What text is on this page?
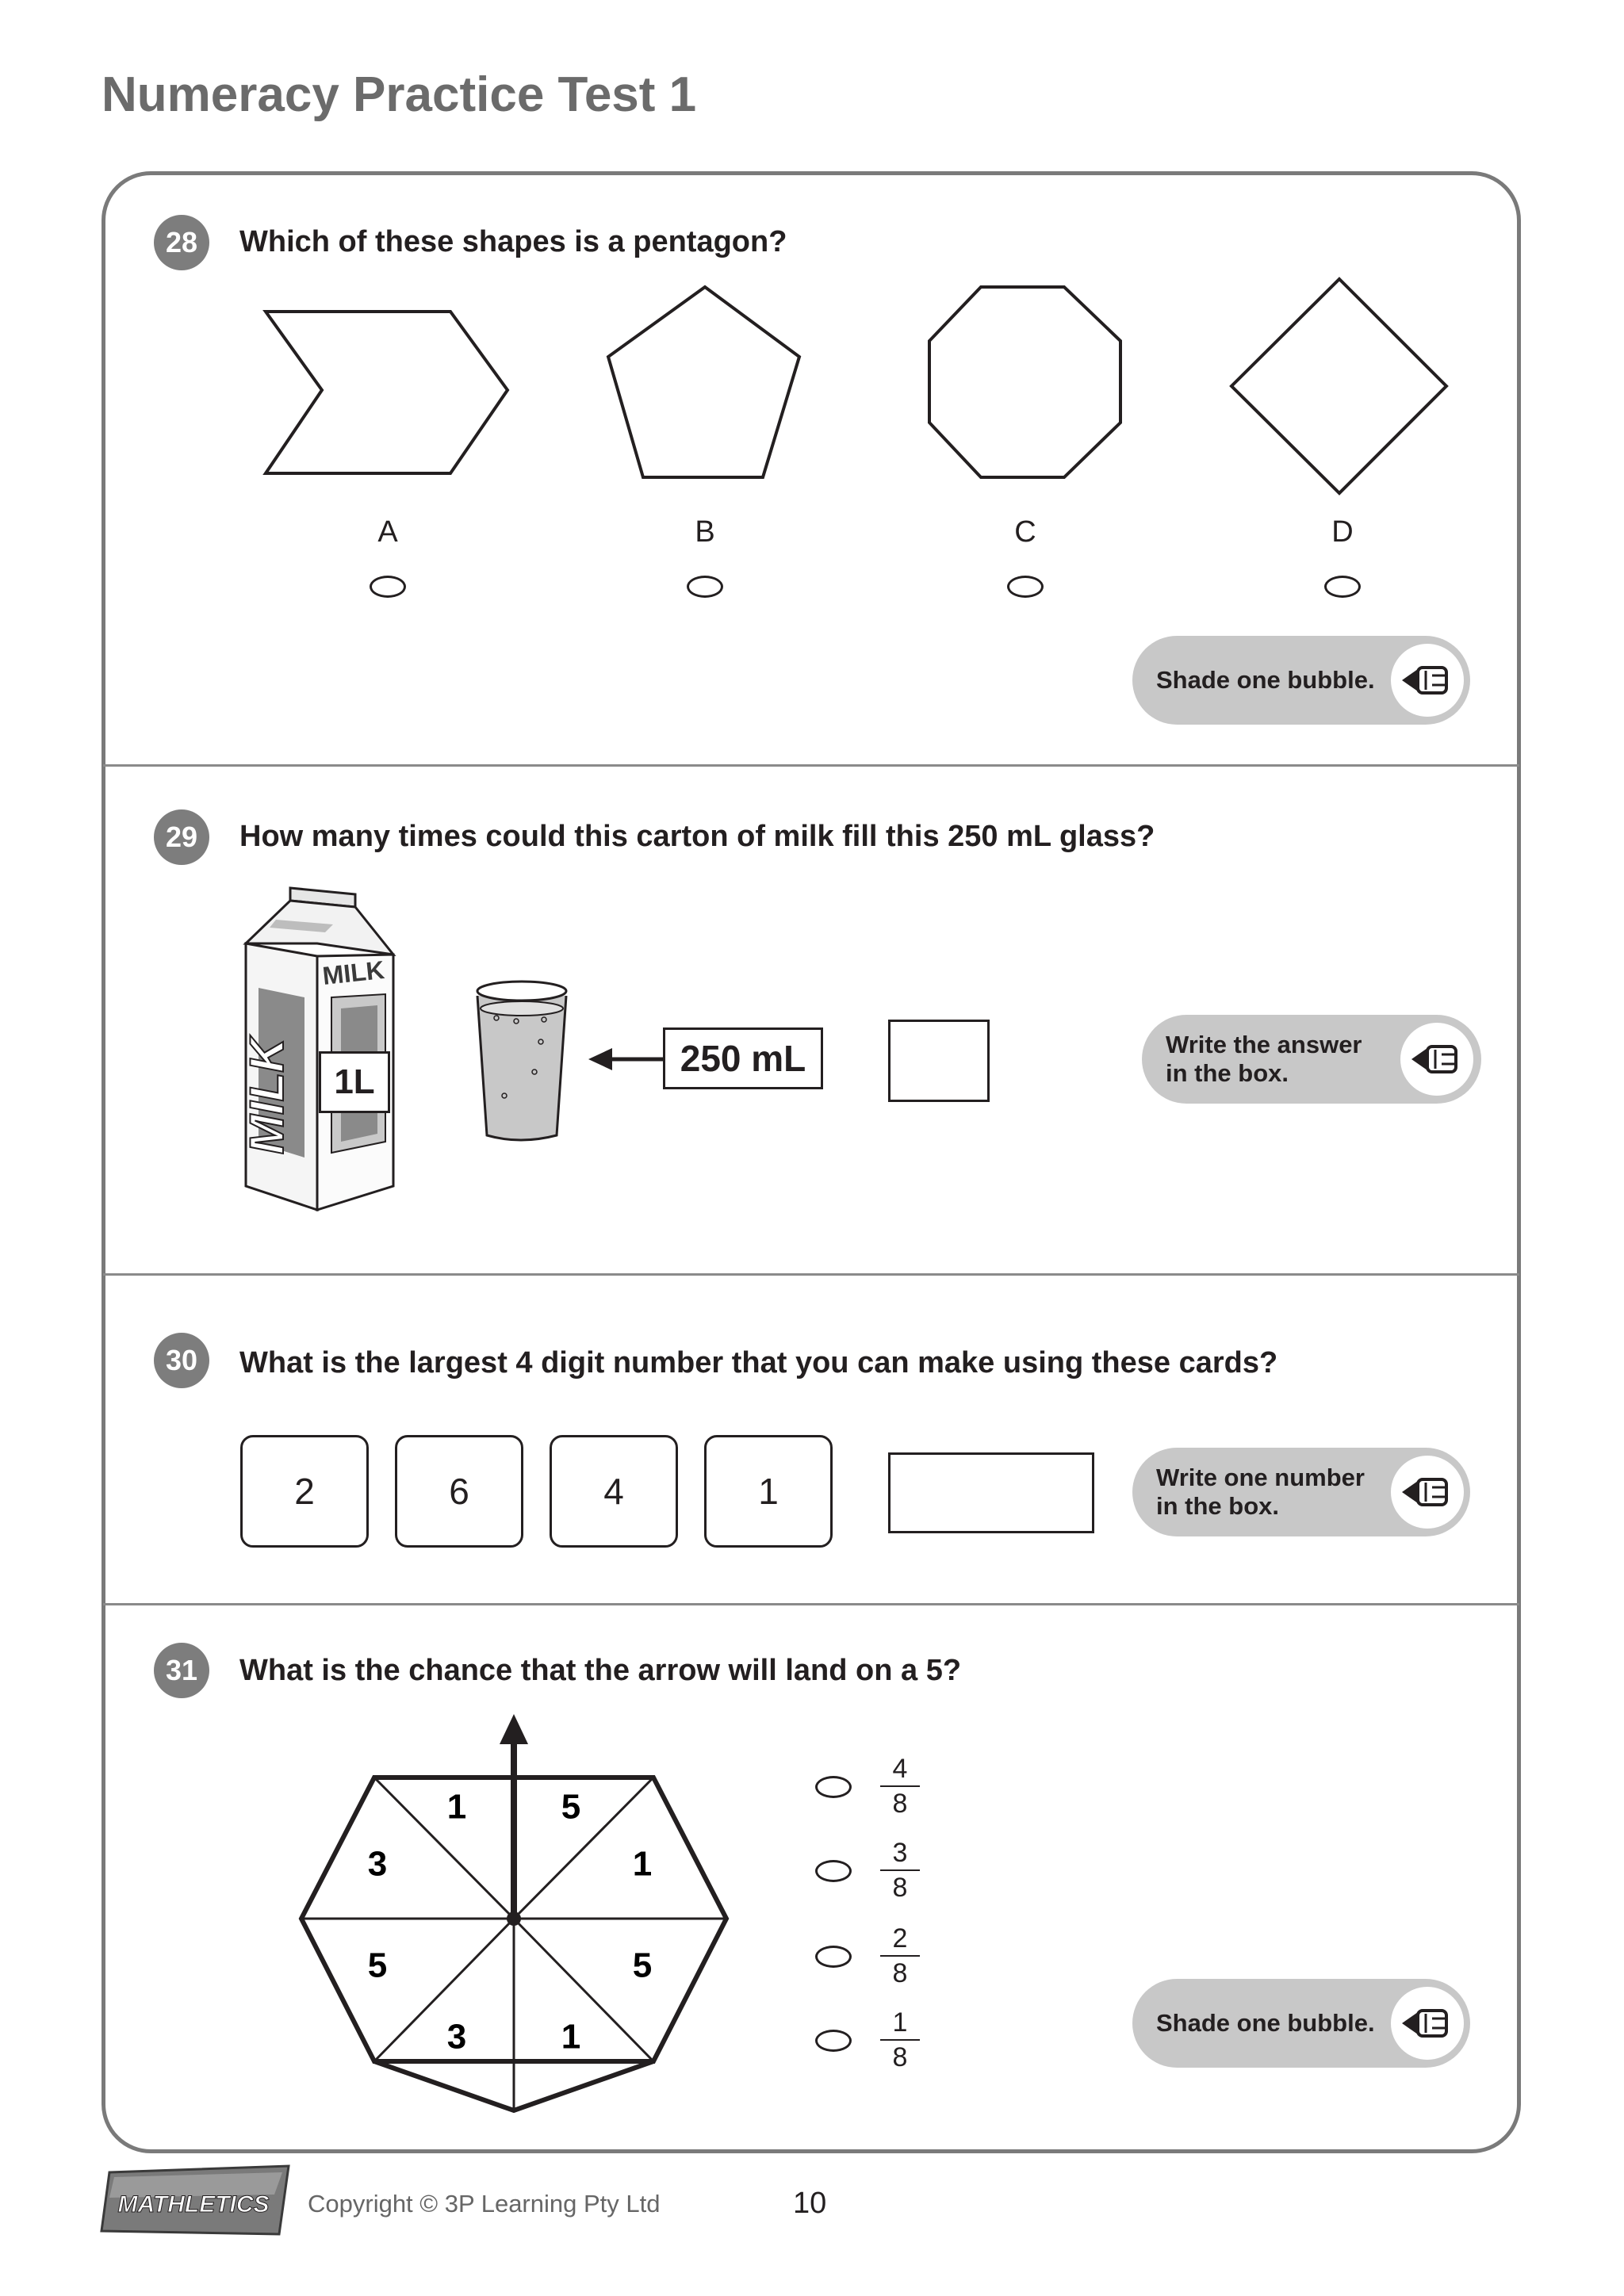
Numeracy Practice Test 1
28	Which of these shapes is a pentagon?
A	B	C	D
Shade one bubble.
29	How many times could this carton of milk fill this 250 mL glass?
MILK
MILK
1L
250 mL	Write the answer
in the box.
30	What is the largest 4 digit number that you can make using these cards?
2	6	4	1	Write one number
in the box.
31	What is the chance that the arrow will land on a 5?
1	5
1
5
1
3
5
3
4
8
3
8
2
8
1
8
Shade one bubble.
MATHLETICS Copyright © 3P Learning Pty Ltd	10
